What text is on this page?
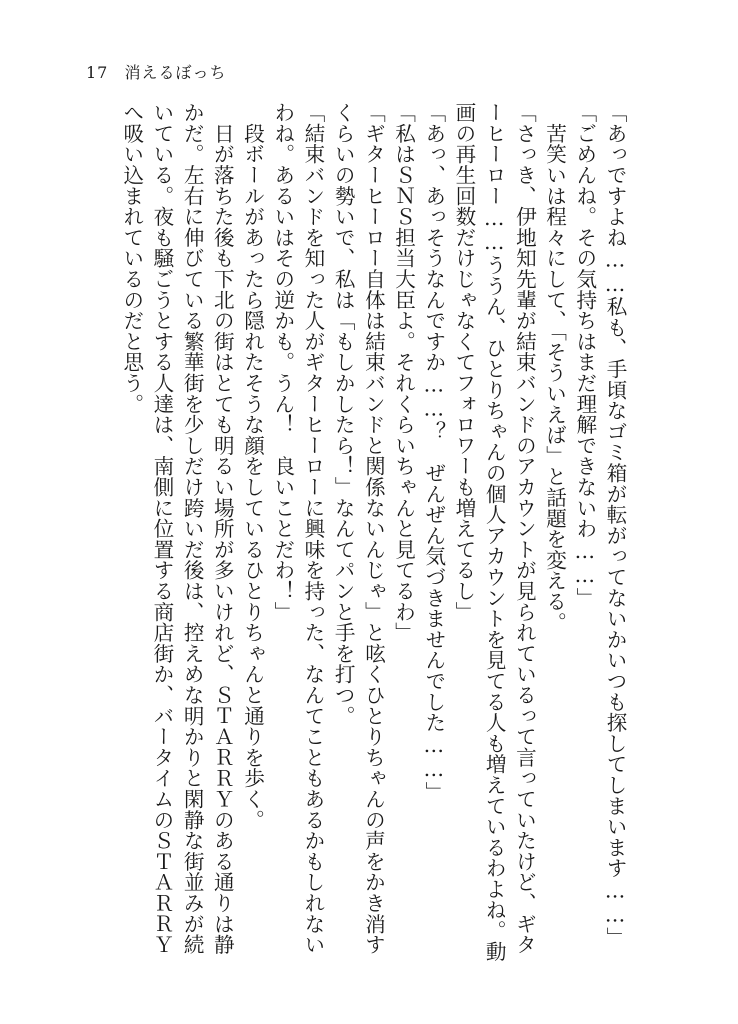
17 消えるぼっち

「あっですよね……私も、手頃なゴミ箱が転がってないかいつも探してしまいます……」

「ごめんね。その気持ちはまだ理解できないわ……」

　苦笑いは程々にして、「そういえば」と話題を変える。

「さっき、伊地知先輩が結束バンドのアカウントが見られているって言っていたけど、ギタ

ーヒーロー……ううん、ひとりちゃんの個人アカウントを見てる人も増えているわよね。動

画の再生回数だけじゃなくてフォロワーも増えてるし」

「あっ、あっそうなんですか……？　ぜんぜん気づきませんでした……」

「私はＳＮＳ担当大臣よ。それくらいちゃんと見てるわ」

「ギターヒーロー自体は結束バンドと関係ないんじゃ」と呟くひとりちゃんの声をかき消す

くらいの勢いで、私は「もしかしたら！」なんてパンと手を打つ。

「結束バンドを知った人がギターヒーローに興味を持った、なんてこともあるかもしれない

わね。あるいはその逆かも。うん！　良いことだわ！」

　段ボールがあったら隠れたそうな顔をしているひとりちゃんと通りを歩く。

　日が落ちた後も下北の街はとても明るい場所が多いけれど、ＳＴＡＲＲＹのある通りは静

かだ。左右に伸びている繁華街を少しだけ跨いだ後は、控えめな明かりと閑静な街並みが続

いている。夜も騒ごうとする人達は、南側に位置する商店街か、バータイムのＳＴＡＲＲＹ

へ吸い込まれているのだと思う。
